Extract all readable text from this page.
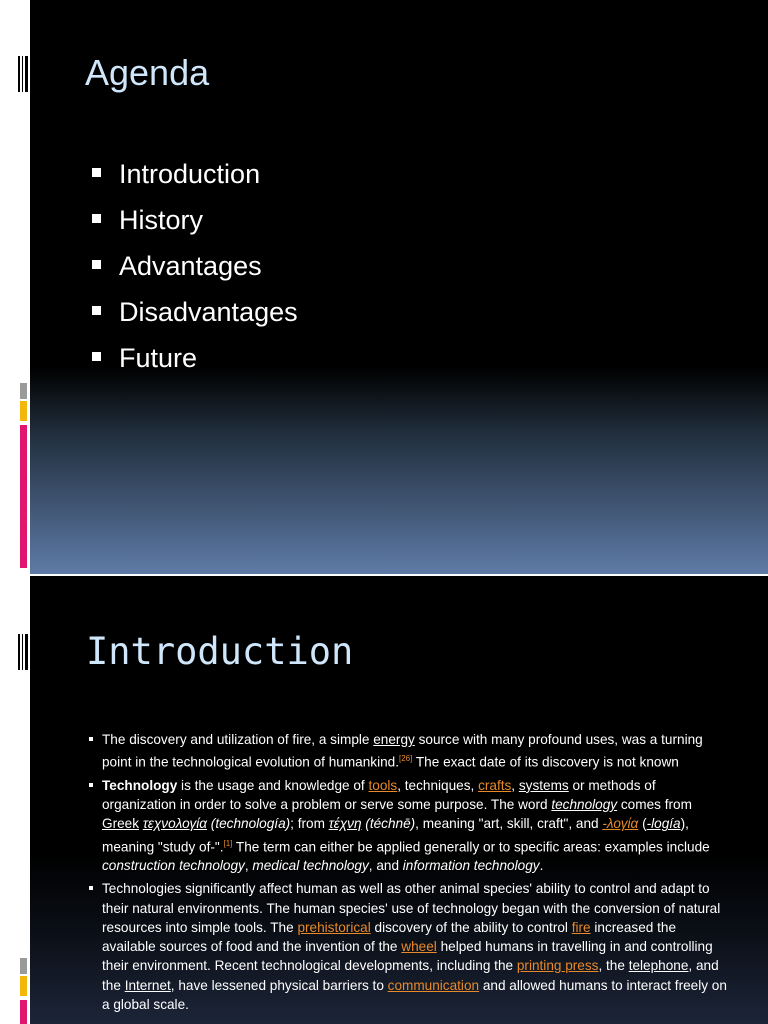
Agenda
Introduction
History
Advantages
Disadvantages
Future
Introduction
The discovery and utilization of fire, a simple energy source with many profound uses, was a turning point in the technological evolution of humankind.[26] The exact date of its discovery is not known
Technology is the usage and knowledge of tools, techniques, crafts, systems or methods of organization in order to solve a problem or serve some purpose. The word technology comes from Greek τεχνολογία (technología); from τέχνη (téchnē), meaning "art, skill, craft", and -λογία (-logía), meaning "study of-".[1] The term can either be applied generally or to specific areas: examples include construction technology, medical technology, and information technology.
Technologies significantly affect human as well as other animal species' ability to control and adapt to their natural environments. The human species' use of technology began with the conversion of natural resources into simple tools. The prehistorical discovery of the ability to control fire increased the available sources of food and the invention of the wheel helped humans in travelling in and controlling their environment. Recent technological developments, including the printing press, the telephone, and the Internet, have lessened physical barriers to communication and allowed humans to interact freely on a global scale.
